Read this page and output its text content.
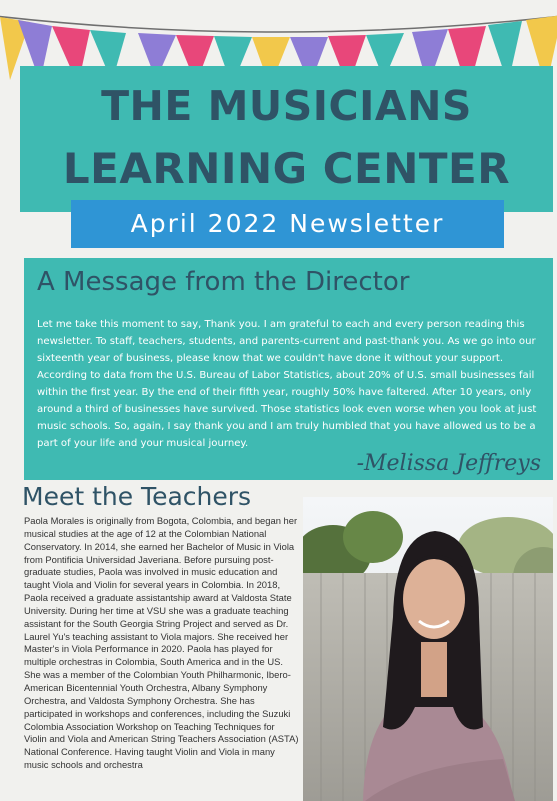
THE MUSICIANS
LEARNING CENTER
April 2022 Newsletter
A Message from the Director
Let me take this moment to say, Thank you. I am grateful to each and every person reading this newsletter. To staff, teachers, students, and parents-current and past-thank you. As we go into our sixteenth year of business, please know that we couldn't have done it without your support. According to data from the U.S. Bureau of Labor Statistics, about 20% of U.S. small businesses fail within the first year. By the end of their fifth year, roughly 50% have faltered. After 10 years, only around a third of businesses have survived. Those statistics look even worse when you look at just music schools. So, again, I say thank you and I am truly humbled that you have allowed us to be a part of your life and your musical journey.
-Melissa Jeffreys
Meet the Teachers
Paola Morales is originally from Bogota, Colombia, and began her musical studies at the age of 12 at the Colombian National Conservatory. In 2014, she earned her Bachelor of Music in Viola from Pontificia Universidad Javeriana. Before pursuing post-graduate studies, Paola was involved in music education and taught Viola and Violin for several years in Colombia. In 2018, Paola received a graduate assistantship award at Valdosta State University. During her time at VSU she was a graduate teaching assistant for the South Georgia String Project and served as Dr. Laurel Yu's teaching assistant to Viola majors. She received her Master's in Viola Performance in 2020. Paola has played for multiple orchestras in Colombia, South America and in the US. She was a member of the Colombian Youth Philharmonic, Ibero-American Bicentennial Youth Orchestra, Albany Symphony Orchestra, and Valdosta Symphony Orchestra. She has participated in workshops and conferences, including the Suzuki Colombia Association Workshop on Teaching Techniques for Violin and Viola and American String Teachers Association (ASTA) National Conference. Having taught Violin and Viola in many music schools and orchestra
